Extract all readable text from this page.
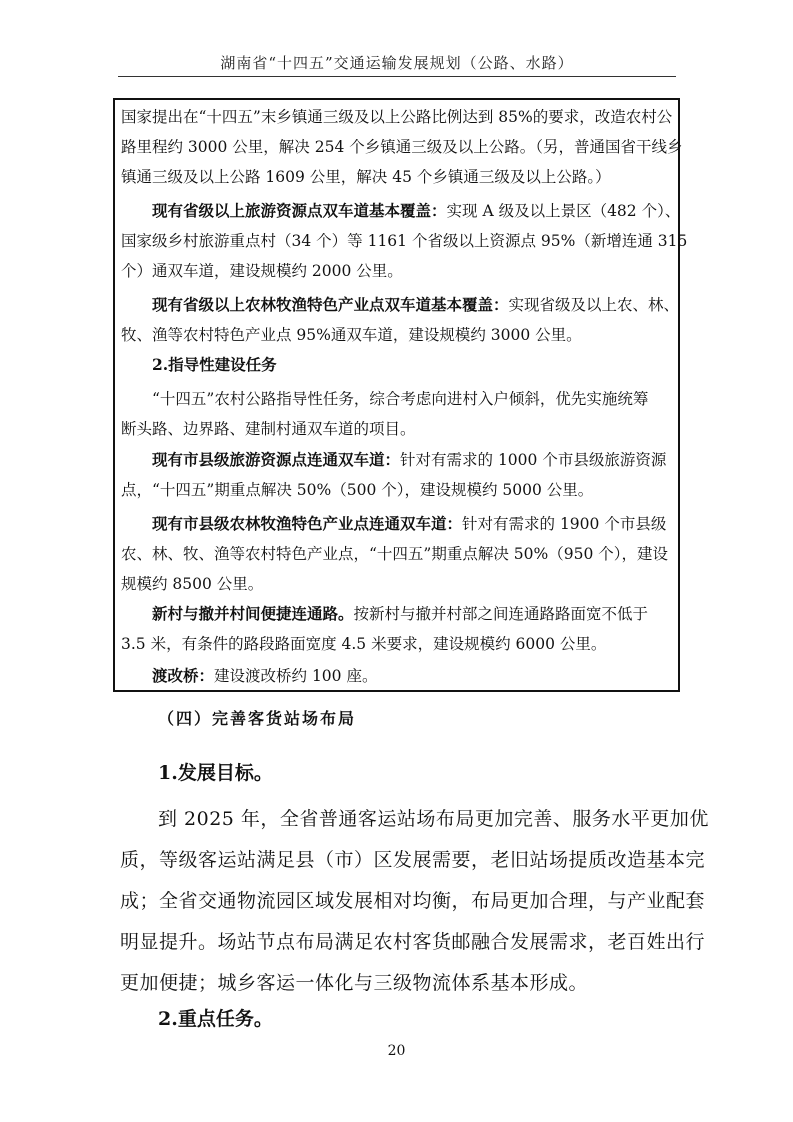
湖南省“十四五”交通运输发展规划（公路、水路）
国家提出在“十四五”末乡镇通三级及以上公路比例达到 85%的要求，改造农村公
路里程约 3000 公里，解决 254 个乡镇通三级及以上公路。（另，普通国省干线乡
镇通三级及以上公路 1609 公里，解决 45 个乡镇通三级及以上公路。）
现有省级以上旅游资源点双车道基本覆盖：实现 A 级及以上景区（482 个）、
国家级乡村旅游重点村（34 个）等 1161 个省级以上资源点 95%（新增连通 315
个）通双车道，建设规模约 2000 公里。
现有省级以上农林牧渔特色产业点双车道基本覆盖：实现省级及以上农、林、
牧、渔等农村特色产业点 95%通双车道，建设规模约 3000 公里。
2.指导性建设任务
“十四五”农村公路指导性任务，综合考虑向进村入户倾斜，优先实施统筹
断头路、边界路、建制村通双车道的项目。
现有市县级旅游资源点连通双车道：针对有需求的 1000 个市县级旅游资源
点，“十四五”期重点解决 50%（500 个），建设规模约 5000 公里。
现有市县级农林牧渔特色产业点连通双车道：针对有需求的 1900 个市县级
农、林、牧、渔等农村特色产业点，“十四五”期重点解决 50%（950 个），建设
规模约 8500 公里。
新村与撤并村间便捷连通路。按新村与撤并村部之间连通路路面宽不低于
3.5 米，有条件的路段路面宽度 4.5 米要求，建设规模约 6000 公里。
渡改桥：建设渡改桥约 100 座。
（四）完善客货站场布局
1.发展目标。
到 2025 年，全省普通客运站场布局更加完善、服务水平更加优
质，等级客运站满足县（市）区发展需要，老旧站场提质改造基本完
成；全省交通物流园区域发展相对均衡，布局更加合理，与产业配套
明显提升。场站节点布局满足农村客货邮融合发展需求，老百姓出行
更加便捷；城乡客运一体化与三级物流体系基本形成。
2.重点任务。
20
